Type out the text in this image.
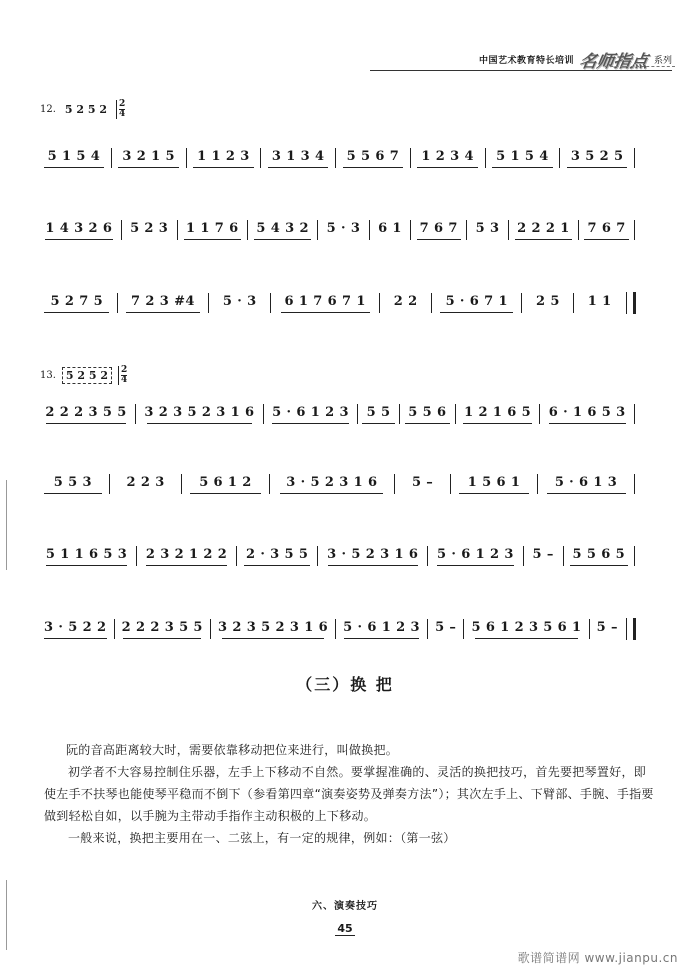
中国艺术教育特长培训 名师指点 系列
12. 5 2 5 2	2
4
5 1 5 4	3 2 1 5	1 1 2 3	3 1 3 4	5 5 6 7	1 2 3 4	5 1 5 4	3 5 2 5
1 4 3 2 6	5 2 3	1 1 7 6	5 4 3 2	5 · 3	6 1	7 6 7	5 3	2 2 2 1	7 6 7
5 2 7 5	7 2 3 #4	5 · 3	6 1 7 6 7 1	2 2	5 · 6 7 1	2 5	1 1
13. 5 2 5 2	2
4
2 2 2 3 5 5	3 2 3 5 2 3 1 6	5 · 6 1 2 3	5 5	5 5 6	1 2 1 6 5	6 · 1 6 5 3
5 5 3	2 2 3	5 6 1 2	3 · 5 2 3 1 6	5 –	1 5 6 1	5 · 6 1 3
5 1 1 6 5 3	2 3 2 1 2 2	2 · 3 5 5	3 · 5 2 3 1 6	5 · 6 1 2 3	5 –	5 5 6 5
3 · 5 2 2	2 2 2 3 5 5	3 2 3 5 2 3 1 6	5 · 6 1 2 3	5 –	5 6 1 2 3 5 6 1	5 –
（三）换 把

阮的音高距离较大时，需要依靠移动把位来进行，叫做换把。

初学者不大容易控制住乐器，左手上下移动不自然。要掌握准确的、灵活的换把技巧，首先要把琴置好，即使左手不扶琴也能使琴平稳而不倒下（参看第四章“演奏姿势及弹奏方法”）；其次左手上、下臂部、手腕、手指要做到轻松自如，以手腕为主带动手指作主动积极的上下移动。

一般来说，换把主要用在一、二弦上，有一定的规律，例如：（第一弦）

六、演奏技巧
45
歌谱简谱网 www.jianpu.cn
